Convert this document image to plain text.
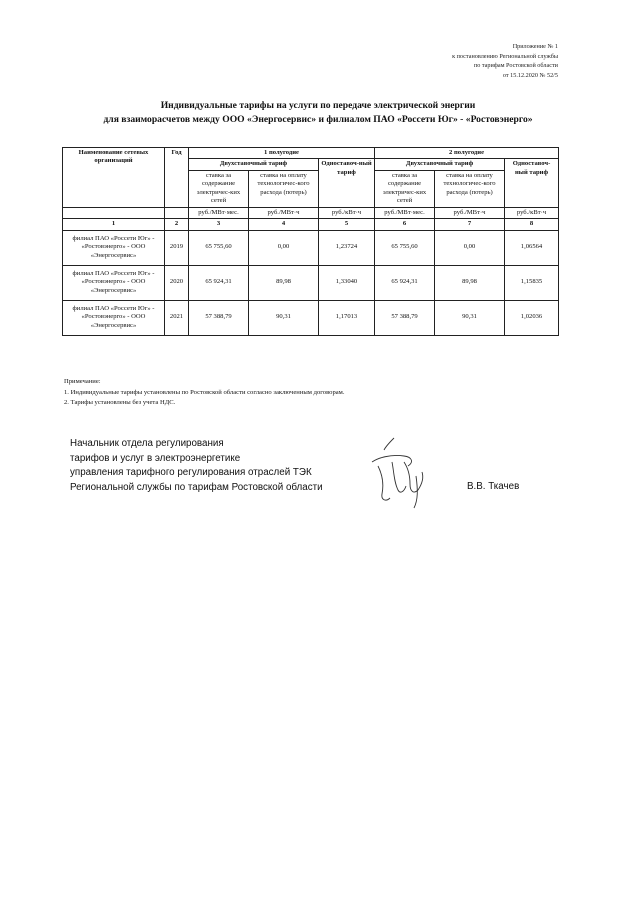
Приложение № 1
к постановлению Региональной службы
по тарифам Ростовской области
от 15.12.2020 № 52/5
Индивидуальные тарифы на услуги по передаче электрической энергии
для взаиморасчетов между ООО «Энергосервис» и филиалом ПАО «Россети Юг» - «Ростовэнерго»
Наименование сетевых организаций	Год	1 полугодие			2 полугодие		
		Двухставочный тариф		Одноставоч-ный тариф	Двухставочный тариф		Одноставоч-ный тариф
		ставка за содержание электричес-ких сетей	ставка на оплату технологичес-кого расхода (потерь)		ставка за содержание электричес-ких сетей	ставка на оплату технологичес-кого расхода (потерь)	
		руб./МВт·мес.	руб./МВт·ч	руб./кВт·ч	руб./МВт·мес.	руб./МВт·ч	руб./кВт·ч
1	2	3	4	5	6	7	8
филиал ПАО «Россети Юг» - «Ростовэнерго» - ООО «Энергосервис»	2019	65 755,60	0,00	1,23724	65 755,60	0,00	1,06564
филиал ПАО «Россети Юг» - «Ростовэнерго» - ООО «Энергосервис»	2020	65 924,31	89,98	1,33040	65 924,31	89,98	1,15835
филиал ПАО «Россети Юг» - «Ростовэнерго» - ООО «Энергосервис»	2021	57 388,79	90,31	1,17013	57 388,79	90,31	1,02036
Примечание:
1. Индивидуальные тарифы установлены по Ростовской области согласно заключенным договорам.
2. Тарифы установлены без учета НДС.
Начальник отдела регулирования
тарифов и услуг в электроэнергетике
управления тарифного регулирования отраслей ТЭК
Региональной службы по тарифам Ростовской области	В.В. Ткачев
